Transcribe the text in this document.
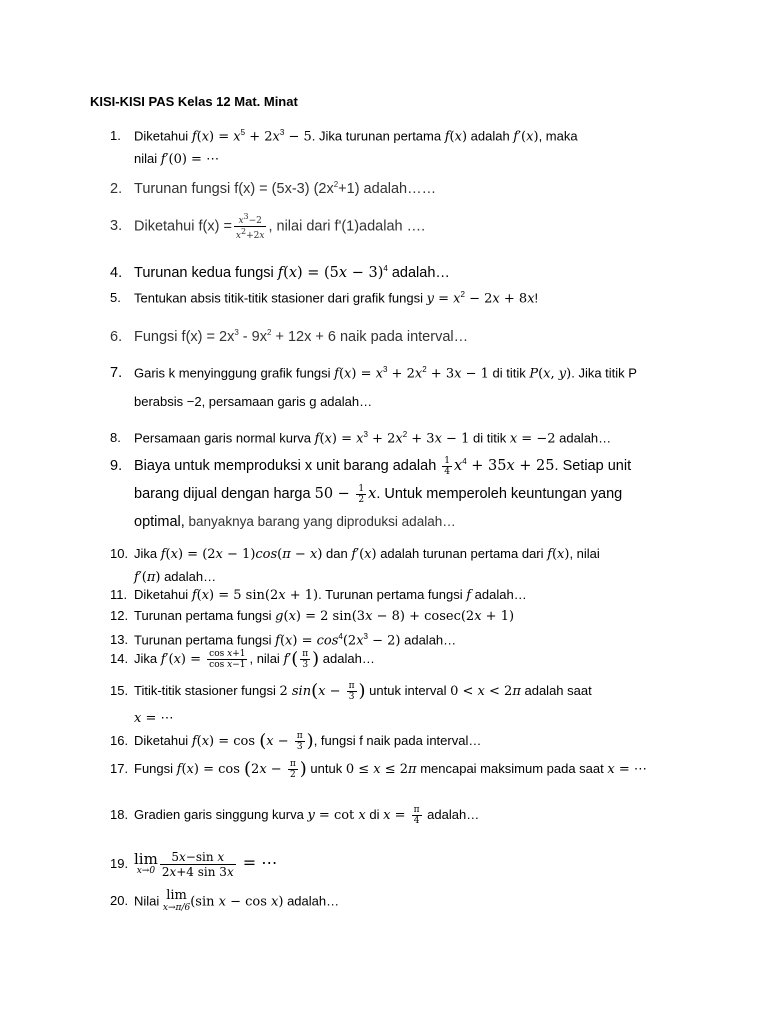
KISI-KISI PAS Kelas 12 Mat. Minat
1. Diketahui $f(x) = x^5 + 2x^3 - 5$. Jika turunan pertama f(x) adalah f′(x), maka
nilai f′(0) = ⋯
2. Turunan fungsi f(x) = (5x-3) $(2x^2+1)$ adalah……
3. Diketahui $f(x) = \frac{x^3-2}{x^2+2x}$ , nilai dari f'(1)adalah ….
4. Turunan kedua fungsi $f(x) = (5x - 3)^4$ adalah…
5. Tentukan absis titik-titik stasioner dari grafik fungsi $y = x^2 - 2x + 8x$!
6. Fungsi $f(x) = 2x^3 - 9x^2 + 12x + 6$ naik pada interval…
7. Garis k menyinggung grafik fungsi $f(x) = x^3 + 2x^2 + 3x - 1$ di titik P(x, y). Jika titik P
berabsis −2, persamaan garis g adalah…
8. Persamaan garis normal kurva $f(x) = x^3 + 2x^2 + 3x - 1$ di titik x = −2 adalah…
9. Biaya untuk memproduksi x unit barang adalah $\frac{1}{4} x^4 + 35x + 25$. Setiap unit
barang dijual dengan harga $50 - \frac{1}{2} x$. Untuk memperoleh keuntungan yang
optimal, banyaknya barang yang diproduksi adalah…
10. Jika f(x) = (2x − 1)cos(π − x) dan f′(x) adalah turunan pertama dari f(x), nilai
f′(π) adalah…
11. Diketahui f(x) = 5 sin(2x + 1). Turunan pertama fungsi f adalah…
12. Turunan pertama fungsi g(x) = 2 sin(3x − 8) + cosec(2x + 1)
13. Turunan pertama fungsi $f(x) = \cos^4(2x^3 - 2)$ adalah…
14. Jika $f'(x) = \frac{\text{cos x+1}}{\text{cos x−1}}$ , nilai $f'( \frac{\pi}{3}$ ) adalah…
15. Titik-titik stasioner fungsi 2 $\sin(x - \frac{\pi}{3}$ ) untuk interval 0 < x < 2π adalah saat
x = ⋯
16. Diketahui $f(x) = \cos (x - \frac{\pi}{3}$ ), fungsi f naik pada interval…
17. Fungsi $f(x) = \cos (2x - \frac{\pi}{2}$ ) untuk 0 ≤ x ≤ 2π mencapai maksimum pada saat x = ⋯
18. Gradien garis singgung kurva y = cot x di $x = \frac{\pi}{4}$ adalah…
19. lim
$x\to 0 \frac{\text{5x−sin x}}{2x+4 \sin 3x}$ = ⋯
20. Nilai lim
x→π/6 (sin x − cos x) adalah…
